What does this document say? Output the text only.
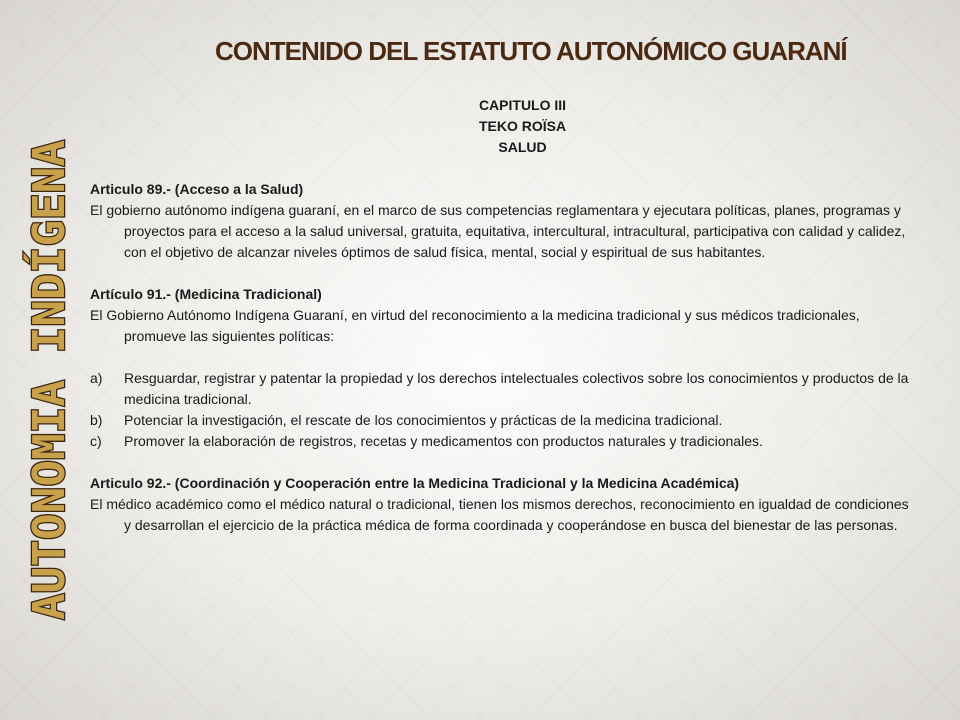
AUTONOMIA INDÍGENA
CONTENIDO DEL ESTATUTO AUTONÓMICO GUARANÍ
CAPITULO III
TEKO ROÏSA
SALUD
Articulo 89.- (Acceso a la Salud)
El gobierno autónomo indígena guaraní, en el marco de sus competencias reglamentara y ejecutara políticas, planes, programas y proyectos para el acceso a la salud universal, gratuita, equitativa, intercultural, intracultural, participativa con calidad y calidez, con el objetivo de alcanzar niveles óptimos de salud física, mental, social y espiritual de sus habitantes.
Artículo 91.- (Medicina Tradicional)
El Gobierno Autónomo Indígena Guaraní, en virtud del reconocimiento a la medicina tradicional y sus médicos tradicionales, promueve las siguientes políticas:
a)	Resguardar, registrar y patentar la propiedad y los derechos intelectuales colectivos sobre los conocimientos y productos de la medicina tradicional.
b)	Potenciar la investigación, el rescate de los conocimientos y prácticas de la medicina tradicional.
c)	Promover la elaboración de registros, recetas y medicamentos con productos naturales y tradicionales.
Articulo 92.- (Coordinación y Cooperación entre la Medicina Tradicional y la Medicina Académica)
El médico académico como el médico natural o tradicional, tienen los mismos derechos, reconocimiento en igualdad de condiciones y desarrollan el ejercicio de la práctica médica de forma coordinada y cooperándose en busca del bienestar de las personas.
